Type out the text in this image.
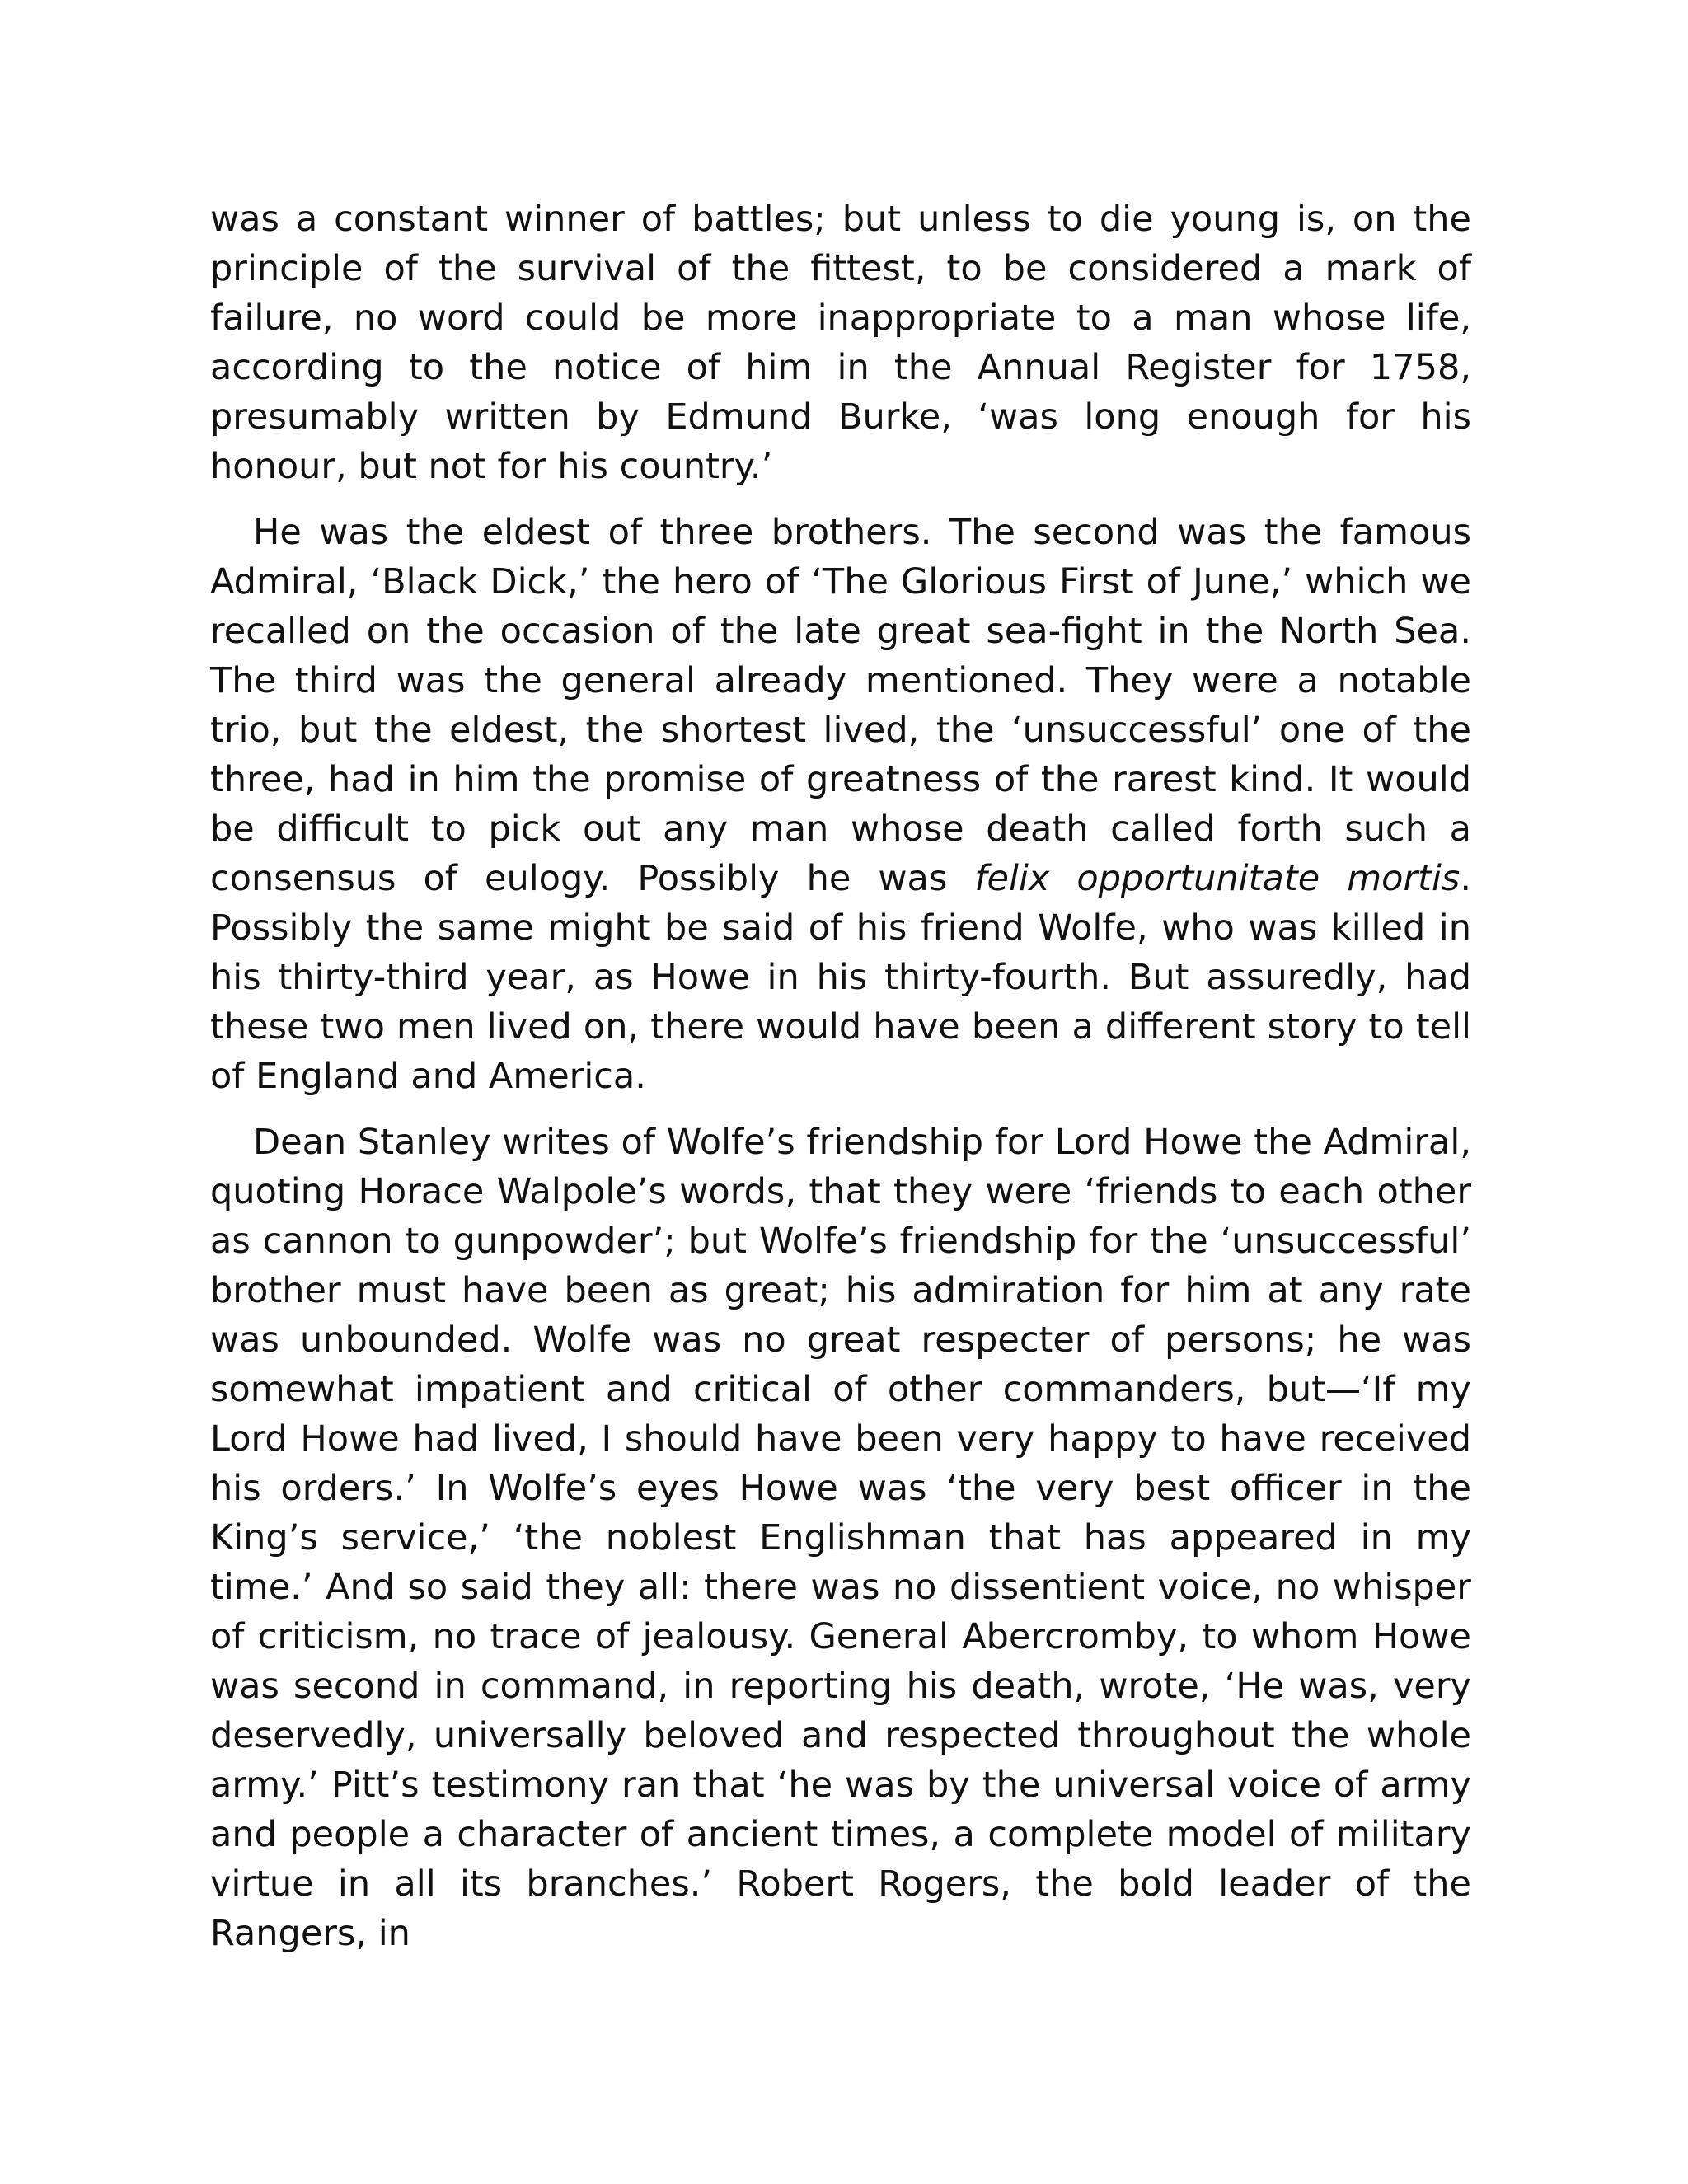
was a constant winner of battles; but unless to die young is, on the principle of the survival of the fittest, to be considered a mark of failure, no word could be more inappropriate to a man whose life, according to the notice of him in the Annual Register for 1758, presumably written by Edmund Burke, ‘was long enough for his honour, but not for his country.’

He was the eldest of three brothers. The second was the famous Admiral, ‘Black Dick,’ the hero of ‘The Glorious First of June,’ which we recalled on the occasion of the late great sea-fight in the North Sea. The third was the general already mentioned. They were a notable trio, but the eldest, the shortest lived, the ‘unsuccessful’ one of the three, had in him the promise of greatness of the rarest kind. It would be difficult to pick out any man whose death called forth such a consensus of eulogy. Possibly he was felix opportunitate mortis. Possibly the same might be said of his friend Wolfe, who was killed in his thirty-third year, as Howe in his thirty-fourth. But assuredly, had these two men lived on, there would have been a different story to tell of England and America.

Dean Stanley writes of Wolfe’s friendship for Lord Howe the Admiral, quoting Horace Walpole’s words, that they were ‘friends to each other as cannon to gunpowder’; but Wolfe’s friendship for the ‘unsuccessful’ brother must have been as great; his admiration for him at any rate was unbounded. Wolfe was no great respecter of persons; he was somewhat impatient and critical of other commanders, but—‘If my Lord Howe had lived, I should have been very happy to have received his orders.’ In Wolfe’s eyes Howe was ‘the very best officer in the King’s service,’ ‘the noblest Englishman that has appeared in my time.’ And so said they all: there was no dissentient voice, no whisper of criticism, no trace of jealousy. General Abercromby, to whom Howe was second in command, in reporting his death, wrote, ‘He was, very deservedly, universally beloved and respected throughout the whole army.’ Pitt’s testimony ran that ‘he was by the universal voice of army and people a character of ancient times, a complete model of military virtue in all its branches.’ Robert Rogers, the bold leader of the Rangers, in
